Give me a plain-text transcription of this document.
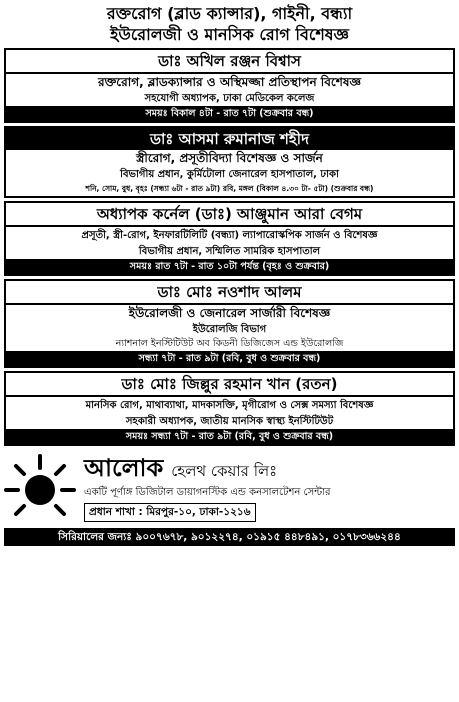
রক্তরোগ (ব্লাড ক্যান্সার), গাইনী, বন্ধ্যা
ইউরোলজী ও মানসিক রোগ বিশেষজ্ঞ
ডাঃ অখিল রঞ্জন বিশ্বাস
রক্তরোগ, ব্লাডক্যান্সার ও অস্থিমজ্জা প্রতিস্থাপন বিশেষজ্ঞ
সহযোগী অধ্যাপক, ঢাকা মেডিকেল কলেজ
সময়ঃ বিকাল ৪টা - রাত ৭টা (শুক্রবার বন্ধ)
ডাঃ আসমা রুমানাজ শহীদ
স্ত্রীরোগ, প্রসূতীবিদ্যা বিশেষজ্ঞ ও সার্জন
বিভাগীয় প্রধান, কুর্মিটোলা জেনারেল হাসপাতাল, ঢাকা
শনি, সোম, বুধ, বৃহঃ (সন্ধ্যা ৬টা - রাত ৯টা) রবি, মঙ্গল (বিকাল ৪.৩০ টা- ৫টা) (শুক্রবার বন্ধ)
অধ্যাপক কর্নেল (ডাঃ) আঞ্জুমান আরা বেগম
প্রসূতী, স্ত্রী-রোগ, ইনফারটিলিটি (বন্ধ্যা) ল্যাপারোস্কপিক সার্জন ও বিশেষজ্ঞ
বিভাগীয় প্রধান, সম্মিলিত সামরিক হাসপাতাল
সময়ঃ রাত ৭টা - রাত ১০টা পর্যন্ত (বৃহঃ ও শুক্রবার)
ডাঃ মোঃ নওশাদ আলম
ইউরোলজী ও জেনারেল সার্জারী বিশেষজ্ঞ
ইউরোলজি বিভাগ
ন্যাশনাল ইনস্টিটিউট অব কিডনী ডিজিজেস এন্ড ইউরোলজি
সন্ধ্যা ৭টা - রাত ৯টা (রবি, বুধ ও শুক্রবার বন্ধ)
ডাঃ মোঃ জিল্লুর রহমান খান (রতন)
মানসিক রোগ, মাথাব্যাথা, মাদকাসক্তি, মৃগীরোগ ও সেক্স সমস্যা বিশেষজ্ঞ
সহকারী অধ্যাপক, জাতীয় মানসিক স্বাস্থ্য ইনস্টিটিউট
সময়ঃ সন্ধ্যা ৭টা - রাত ৯টা (রবি, বুধ ও শুক্রবার বন্ধ)
আলোক হেলথ কেয়ার লিঃ
একটি পূর্ণাঙ্গ ডিজিটাল ডায়াগনস্টিক এন্ড কনসালটেশন সেন্টার
প্রধান শাখা : মিরপুর-১০, ঢাকা-১২১৬
সিরিয়ালের জন্যঃ ৯০০৭৬৭৮, ৯০১২২৭৪, ০১৯১৫ ৪৪৮৪৯১, ০১৭৮৩৬৬২৪৪
